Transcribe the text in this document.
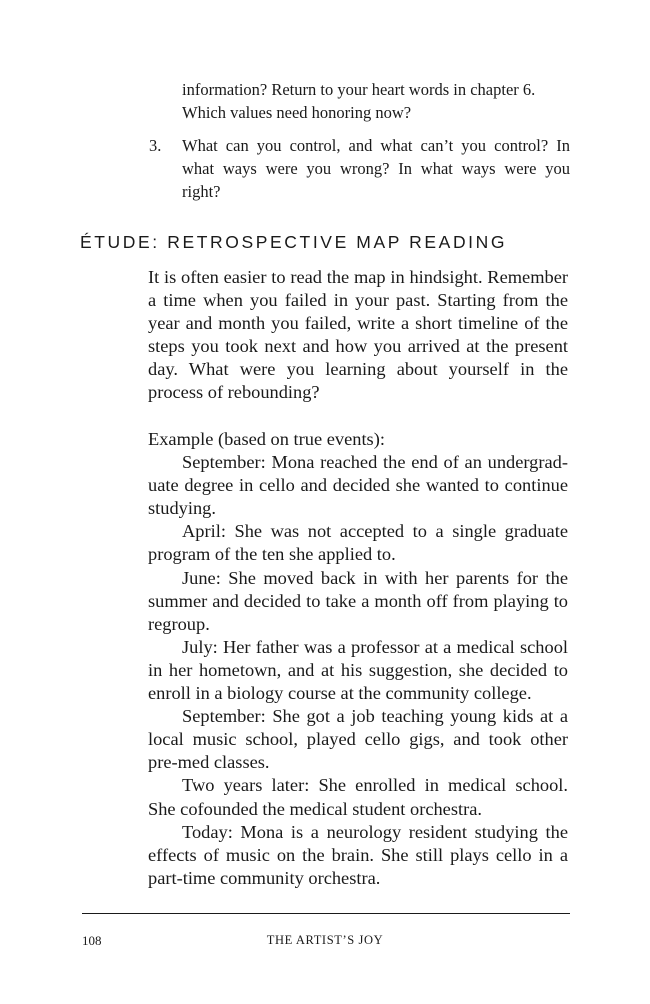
information? Return to your heart words in chapter 6.

Which values need honoring now?

3. What can you control, and what can’t you control? In what ways were you wrong? In what ways were you right?

ÉTUDE: RETROSPECTIVE MAP READING

It is often easier to read the map in hindsight. Remember a time when you failed in your past. Starting from the year and month you failed, write a short timeline of the steps you took next and how you arrived at the present day. What were you learning about yourself in the process of rebounding?

Example (based on true events):

September: Mona reached the end of an undergraduate degree in cello and decided she wanted to continue studying.

April: She was not accepted to a single graduate program of the ten she applied to.

June: She moved back in with her parents for the summer and decided to take a month off from playing to regroup.

July: Her father was a professor at a medical school in her hometown, and at his suggestion, she decided to enroll in a biology course at the community college.

September: She got a job teaching young kids at a local music school, played cello gigs, and took other pre-med classes.

Two years later: She enrolled in medical school. She cofounded the medical student orchestra.

Today: Mona is a neurology resident studying the effects of music on the brain. She still plays cello in a part-time community orchestra.

108	THE ARTIST’S JOY
